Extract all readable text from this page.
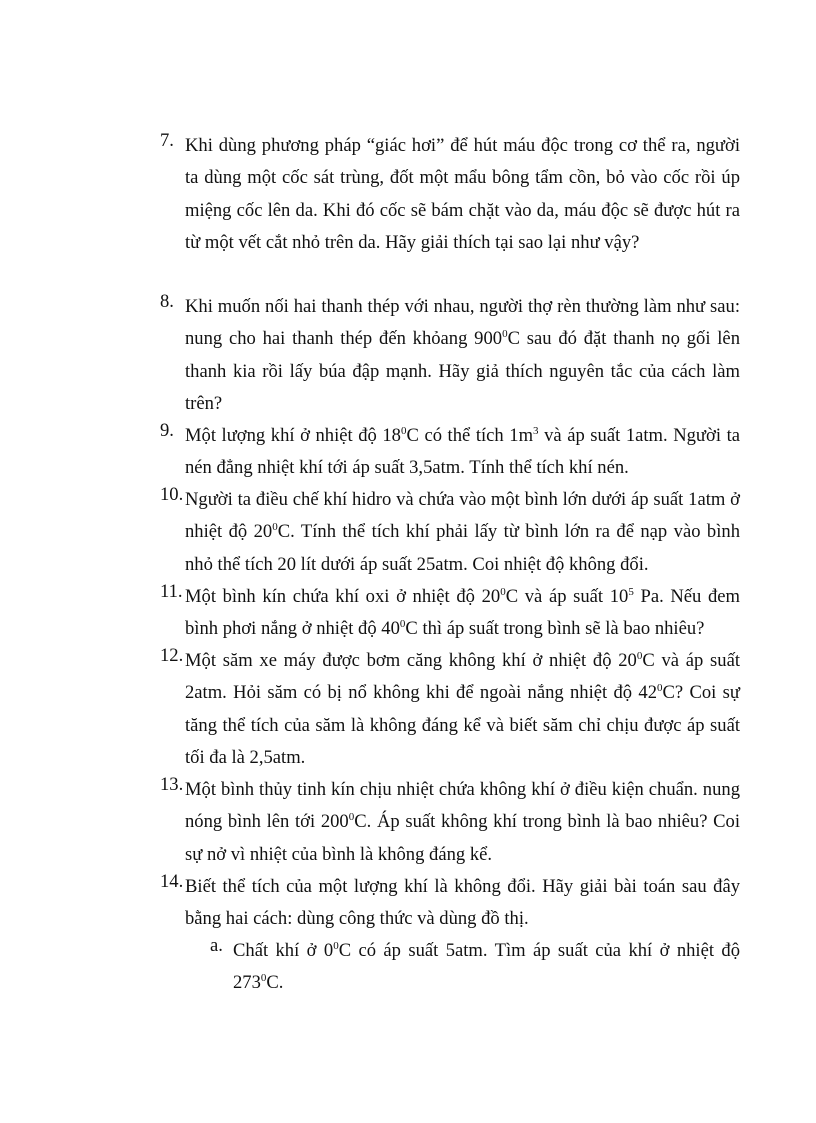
7. Khi dùng phương pháp “giác hơi” để hút máu độc trong cơ thể ra, người ta dùng một cốc sát trùng, đốt một mẩu bông tẩm cồn, bỏ vào cốc rồi úp miệng cốc lên da. Khi đó cốc sẽ bám chặt vào da, máu độc sẽ được hút ra từ một vết cắt nhỏ trên da. Hãy giải thích tại sao lại như vậy?
8. Khi muốn nối hai thanh thép với nhau, người thợ rèn thường làm như sau: nung cho hai thanh thép đến khỏang $900^0C$ sau đó đặt thanh nọ gối lên thanh kia rồi lấy búa đập mạnh. Hãy giả thích nguyên tắc của cách làm trên?
9. Một lượng khí ở nhiệt độ $18^0C$ có thể tích $1m^3$ và áp suất 1atm. Người ta nén đẳng nhiệt khí tới áp suất 3,5atm. Tính thể tích khí nén.
10. Người ta điều chế khí hidro và chứa vào một bình lớn dưới áp suất 1atm ở nhiệt độ $20^0C$. Tính thể tích khí phải lấy từ bình lớn ra để nạp vào bình nhỏ thể tích 20 lít dưới áp suất 25atm. Coi nhiệt độ không đổi.
11. Một bình kín chứa khí oxi ở nhiệt độ $20^0C$ và áp suất $10^5$ Pa. Nếu đem bình phơi nắng ở nhiệt độ $40^0C$ thì áp suất trong bình sẽ là bao nhiêu?
12. Một săm xe máy được bơm căng không khí ở nhiệt độ $20^0C$ và áp suất 2atm. Hỏi săm có bị nổ không khi để ngoài nắng nhiệt độ $42^0C$? Coi sự tăng thể tích của săm là không đáng kể và biết săm chỉ chịu được áp suất tối đa là 2,5atm.
13. Một bình thủy tinh kín chịu nhiệt chứa không khí ở điều kiện chuẩn. nung nóng bình lên tới $200^0C$. Áp suất không khí trong bình là bao nhiêu? Coi sự nở vì nhiệt của bình là không đáng kể.
14. Biết thể tích của một lượng khí là không đổi. Hãy giải bài toán sau đây bằng hai cách: dùng công thức và dùng đồ thị.
a. Chất khí ở $0^0C$ có áp suất 5atm. Tìm áp suất của khí ở nhiệt độ $273^0C$.
